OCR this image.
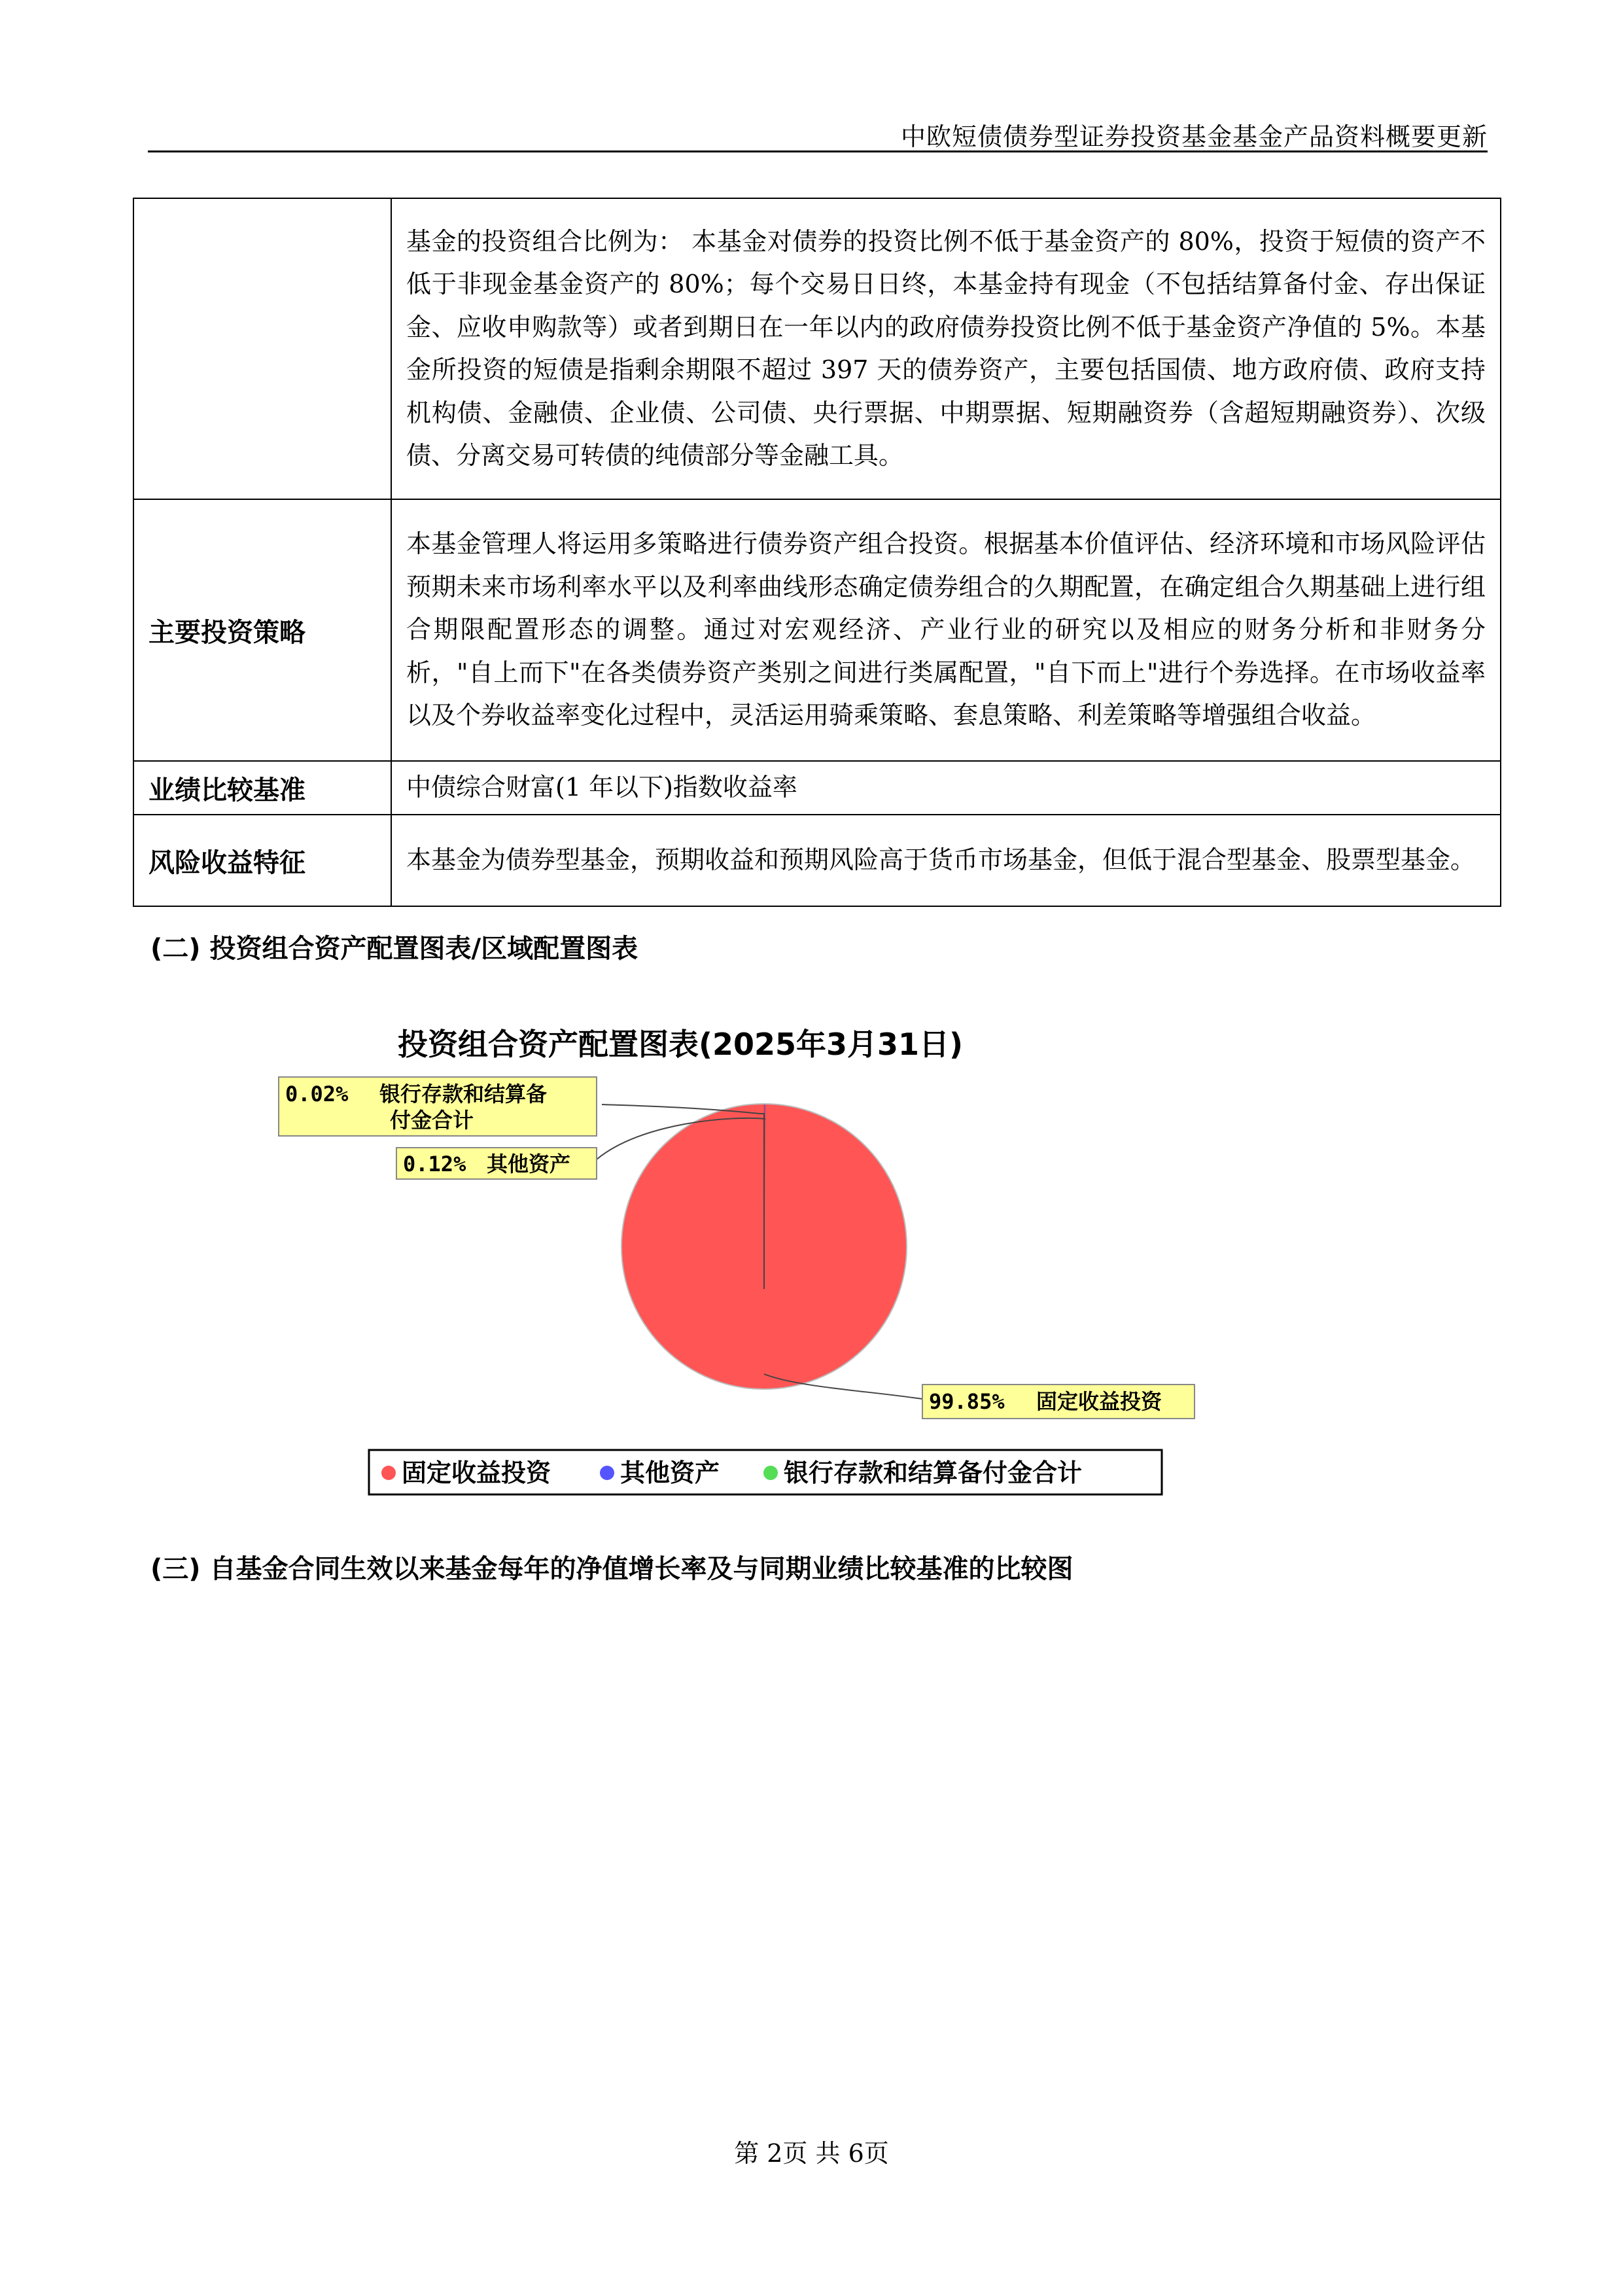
中欧短债债券型证券投资基金基金产品资料概要更新
	基金的投资组合比例为： 本基金对债券的投资比例不低于基金资产的 80%，投资于短债的资产不低于非现金基金资产的 80%；每个交易日日终，本基金持有现金（不包括结算备付金、存出保证金、应收申购款等）或者到期日在一年以内的政府债券投资比例不低于基金资产净值的 5%。本基金所投资的短债是指剩余期限不超过 397 天的债券资产，主要包括国债、地方政府债、政府支持机构债、金融债、企业债、公司债、央行票据、中期票据、短期融资券（含超短期融资券）、次级债、分离交易可转债的纯债部分等金融工具。
主要投资策略	本基金管理人将运用多策略进行债券资产组合投资。根据基本价值评估、经济环境和市场风险评估预期未来市场利率水平以及利率曲线形态确定债券组合的久期配置，在确定组合久期基础上进行组合期限配置形态的调整。通过对宏观经济、产业行业的研究以及相应的财务分析和非财务分析，"自上而下"在各类债券资产类别之间进行类属配置，"自下而上"进行个券选择。在市场收益率以及个券收益率变化过程中，灵活运用骑乘策略、套息策略、利差策略等增强组合收益。
业绩比较基准	中债综合财富(1 年以下)指数收益率
风险收益特征	本基金为债券型基金，预期收益和预期风险高于货币市场基金，但低于混合型基金、股票型基金。
(二) 投资组合资产配置图表/区域配置图表
投资组合资产配置图表(2025年3月31日)
0.02% 银行存款和结算备
付金合计
0.12% 其他资产
99.85% 固定收益投资
固定收益投资	其他资产	银行存款和结算备付金合计
(三) 自基金合同生效以来基金每年的净值增长率及与同期业绩比较基准的比较图
第 2页 共 6页
